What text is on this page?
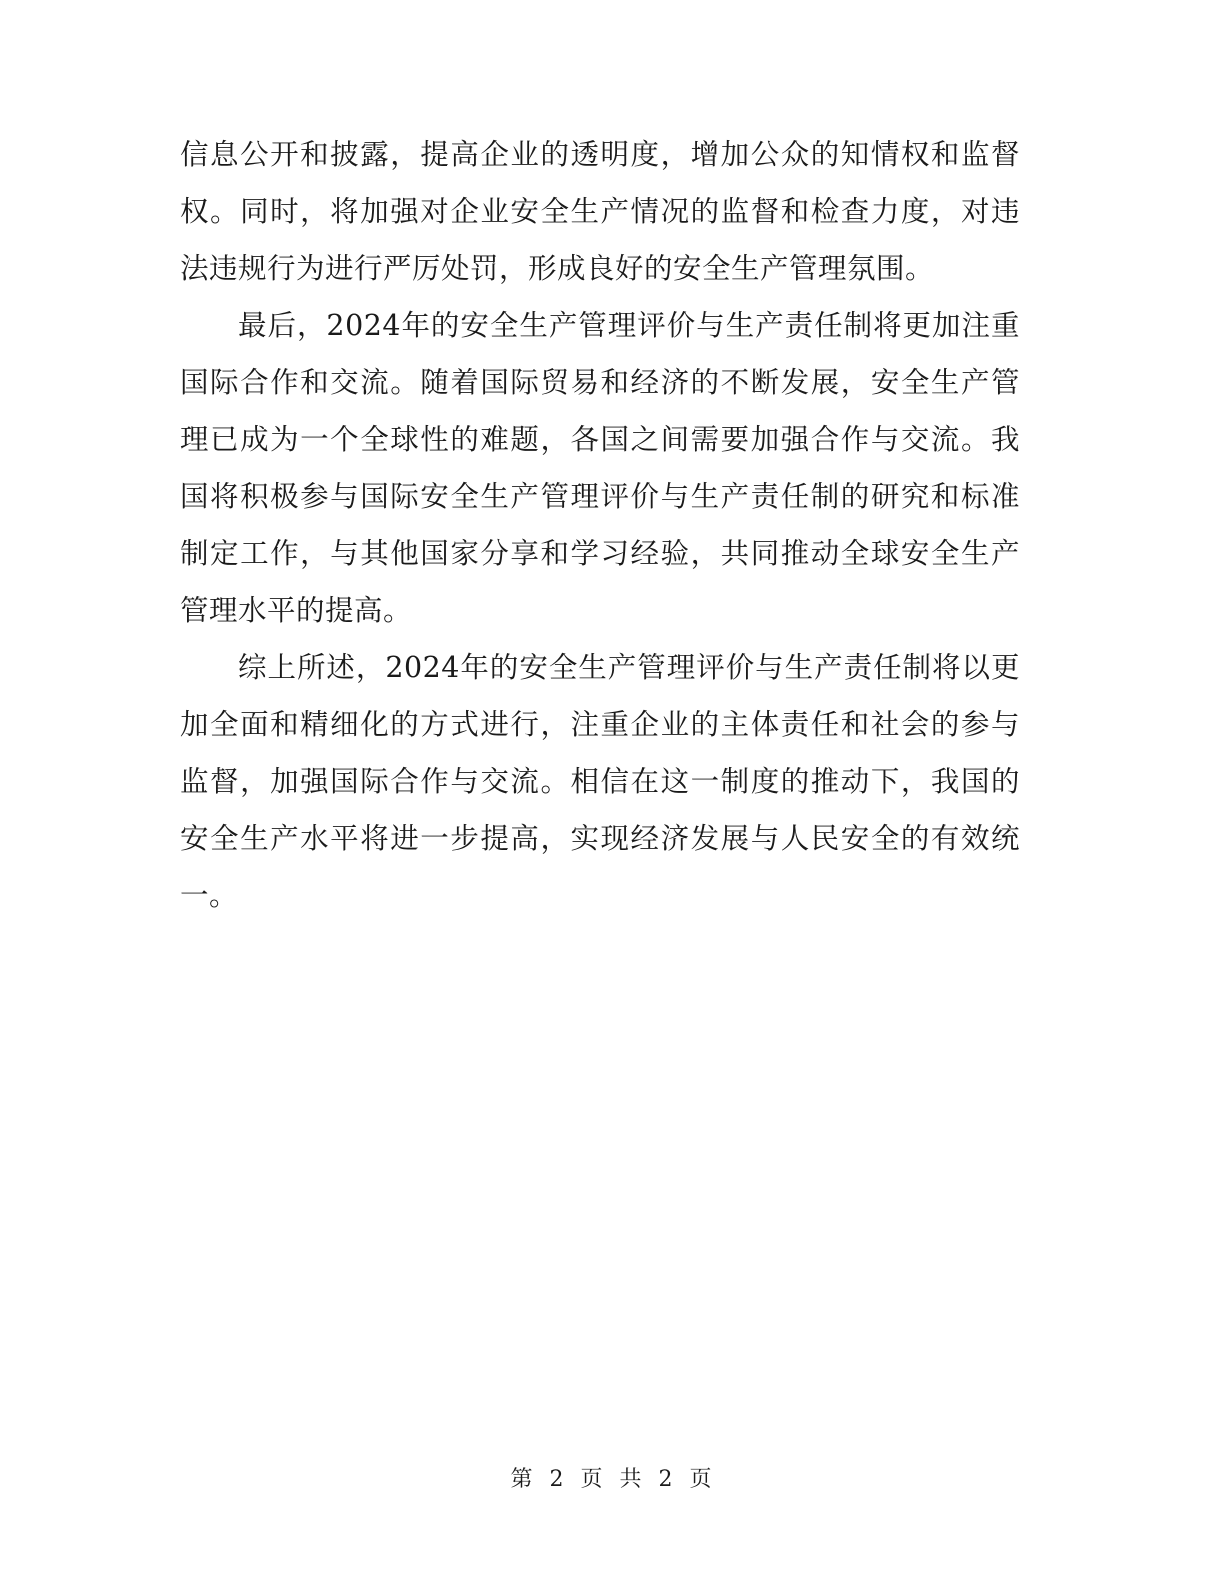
信息公开和披露，提高企业的透明度，增加公众的知情权和监督权。同时，将加强对企业安全生产情况的监督和检查力度，对违法违规行为进行严厉处罚，形成良好的安全生产管理氛围。

最后，2024年的安全生产管理评价与生产责任制将更加注重国际合作和交流。随着国际贸易和经济的不断发展，安全生产管理已成为一个全球性的难题，各国之间需要加强合作与交流。我国将积极参与国际安全生产管理评价与生产责任制的研究和标准制定工作，与其他国家分享和学习经验，共同推动全球安全生产管理水平的提高。

综上所述，2024年的安全生产管理评价与生产责任制将以更加全面和精细化的方式进行，注重企业的主体责任和社会的参与监督，加强国际合作与交流。相信在这一制度的推动下，我国的安全生产水平将进一步提高，实现经济发展与人民安全的有效统一。

第 2 页 共 2 页
